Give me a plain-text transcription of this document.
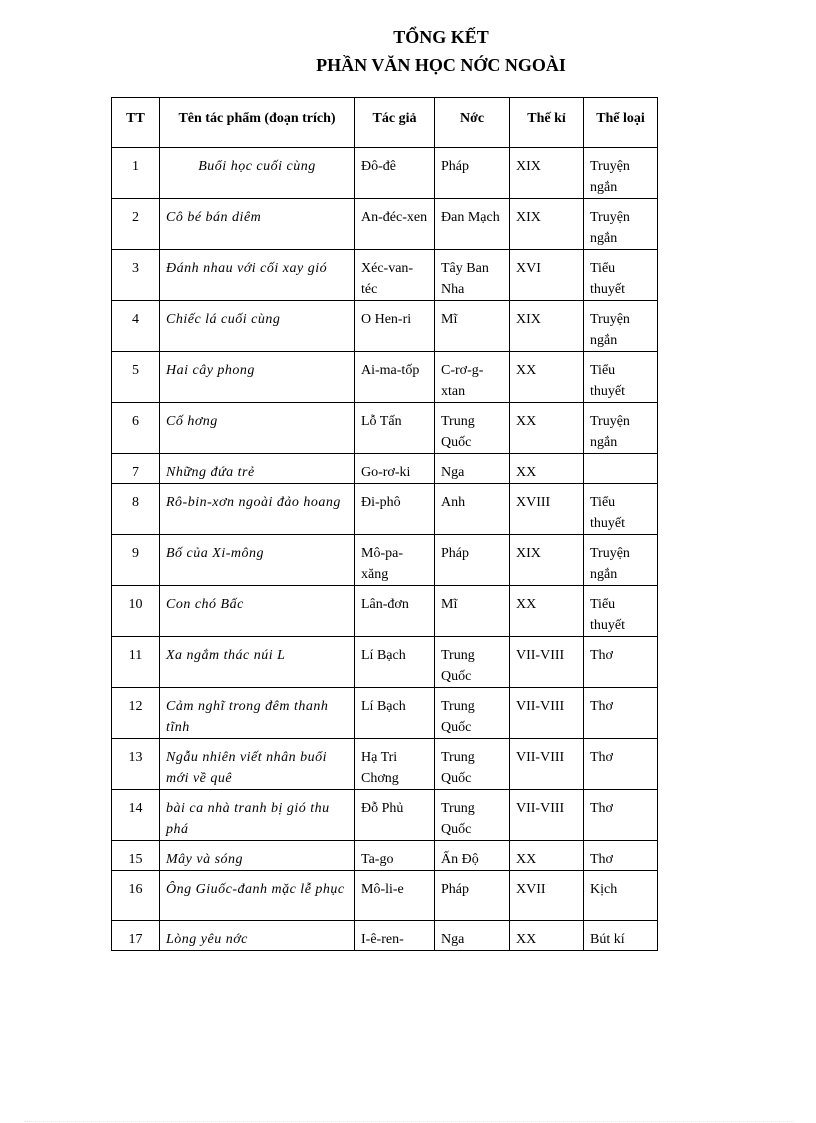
TỔNG KẾT
PHẦN VĂN HỌC NỚC NGOÀI
TT	Tên tác phẩm (đoạn trích)	Tác giả	Nớc	Thế kỉ	Thể loại
1	Buổi học cuối cùng	Đô-đê	Pháp	XIX	Truyện ngắn
2	Cô bé bán diêm	An-đéc-xen	Đan Mạch	XIX	Truyện ngắn
3	Đánh nhau với cối xay gió	Xéc-van-téc	Tây Ban Nha	XVI	Tiểu thuyết
4	Chiếc lá cuối cùng	O Hen-ri	Mĩ	XIX	Truyện ngắn
5	Hai cây phong	Ai-ma-tốp	C-rơ-g-xtan	XX	Tiểu thuyết
6	Cố hơng	Lỗ Tấn	Trung Quốc	XX	Truyện ngắn
7	Những đứa trẻ	Go-rơ-ki	Nga	XX	
8	Rô-bin-xơn ngoài đảo hoang	Đi-phô	Anh	XVIII	Tiểu thuyết
9	Bố của Xi-mông	Mô-pa-xăng	Pháp	XIX	Truyện ngắn
10	Con chó Bấc	Lân-đơn	Mĩ	XX	Tiểu thuyết
11	Xa ngắm thác núi L	Lí Bạch	Trung Quốc	VII-VIII	Thơ
12	Cảm nghĩ trong đêm thanh tĩnh	Lí Bạch	Trung Quốc	VII-VIII	Thơ
13	Ngẫu nhiên viết nhân buổi mới về quê	Hạ Tri Chơng	Trung Quốc	VII-VIII	Thơ
14	bài ca nhà tranh bị gió thu phá	Đỗ Phủ	Trung Quốc	VII-VIII	Thơ
15	Mây và sóng	Ta-go	Ấn Độ	XX	Thơ
16	Ông Giuốc-đanh mặc lễ phục	Mô-li-e	Pháp	XVII	Kịch
17	Lòng yêu nớc	I-ê-ren-	Nga	XX	Bút kí
